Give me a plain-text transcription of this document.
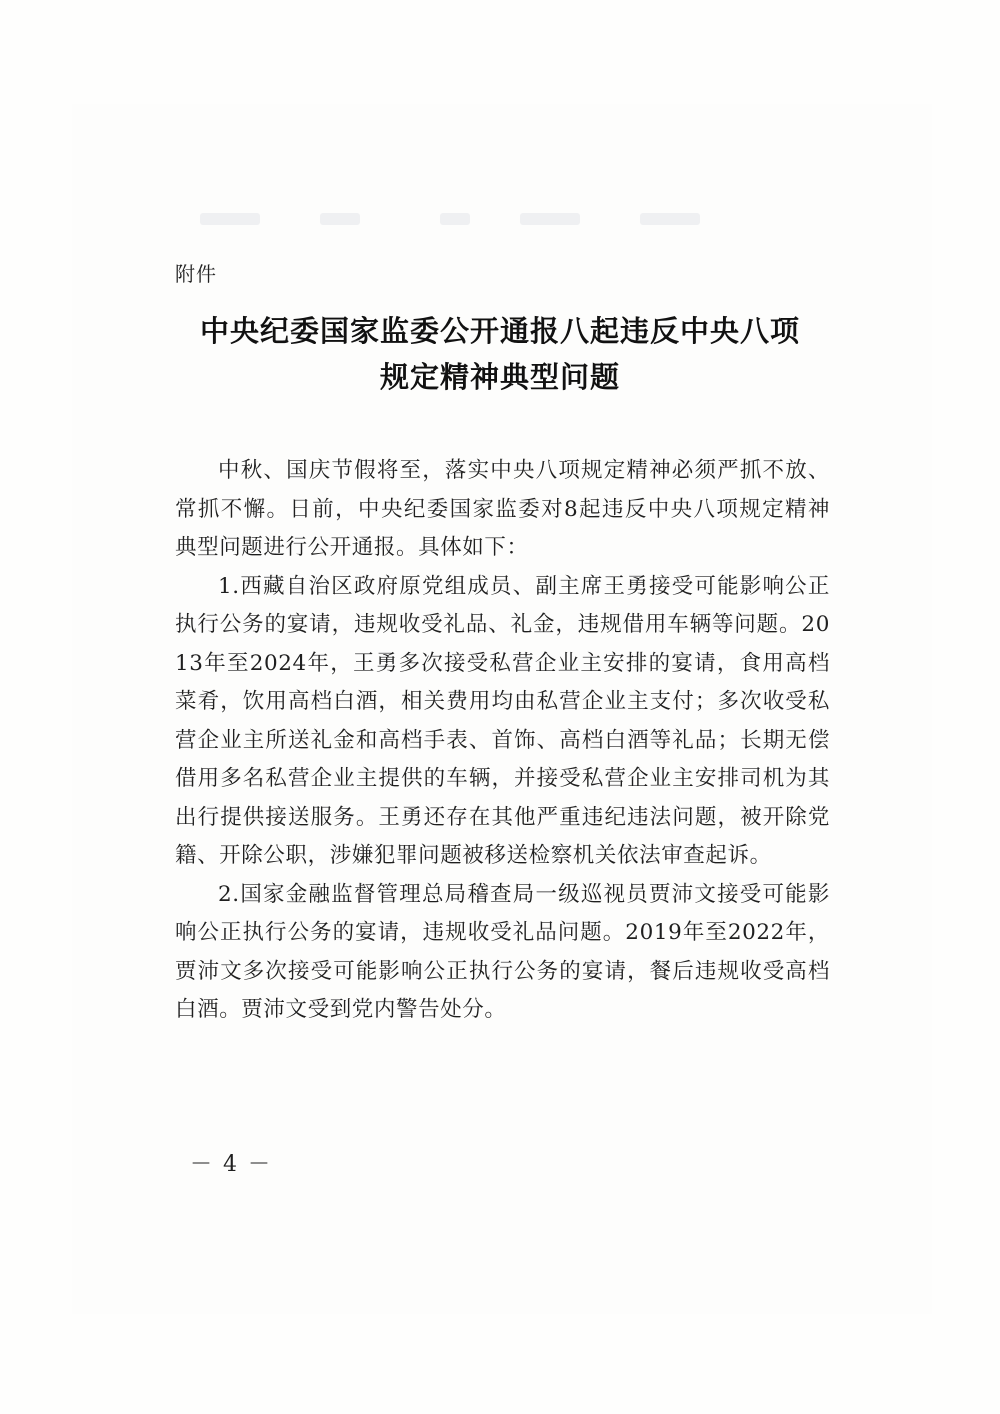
附件
中央纪委国家监委公开通报八起违反中央八项
规定精神典型问题

中秋、国庆节假将至，落实中央八项规定精神必须严抓不放、常抓不懈。日前，中央纪委国家监委对8起违反中央八项规定精神典型问题进行公开通报。具体如下：

1.西藏自治区政府原党组成员、副主席王勇接受可能影响公正执行公务的宴请，违规收受礼品、礼金，违规借用车辆等问题。2013年至2024年，王勇多次接受私营企业主安排的宴请，食用高档菜肴，饮用高档白酒，相关费用均由私营企业主支付；多次收受私营企业主所送礼金和高档手表、首饰、高档白酒等礼品；长期无偿借用多名私营企业主提供的车辆，并接受私营企业主安排司机为其出行提供接送服务。王勇还存在其他严重违纪违法问题，被开除党籍、开除公职，涉嫌犯罪问题被移送检察机关依法审查起诉。

2.国家金融监督管理总局稽查局一级巡视员贾沛文接受可能影响公正执行公务的宴请，违规收受礼品问题。2019年至2022年，贾沛文多次接受可能影响公正执行公务的宴请，餐后违规收受高档白酒。贾沛文受到党内警告处分。

－ 4 －
